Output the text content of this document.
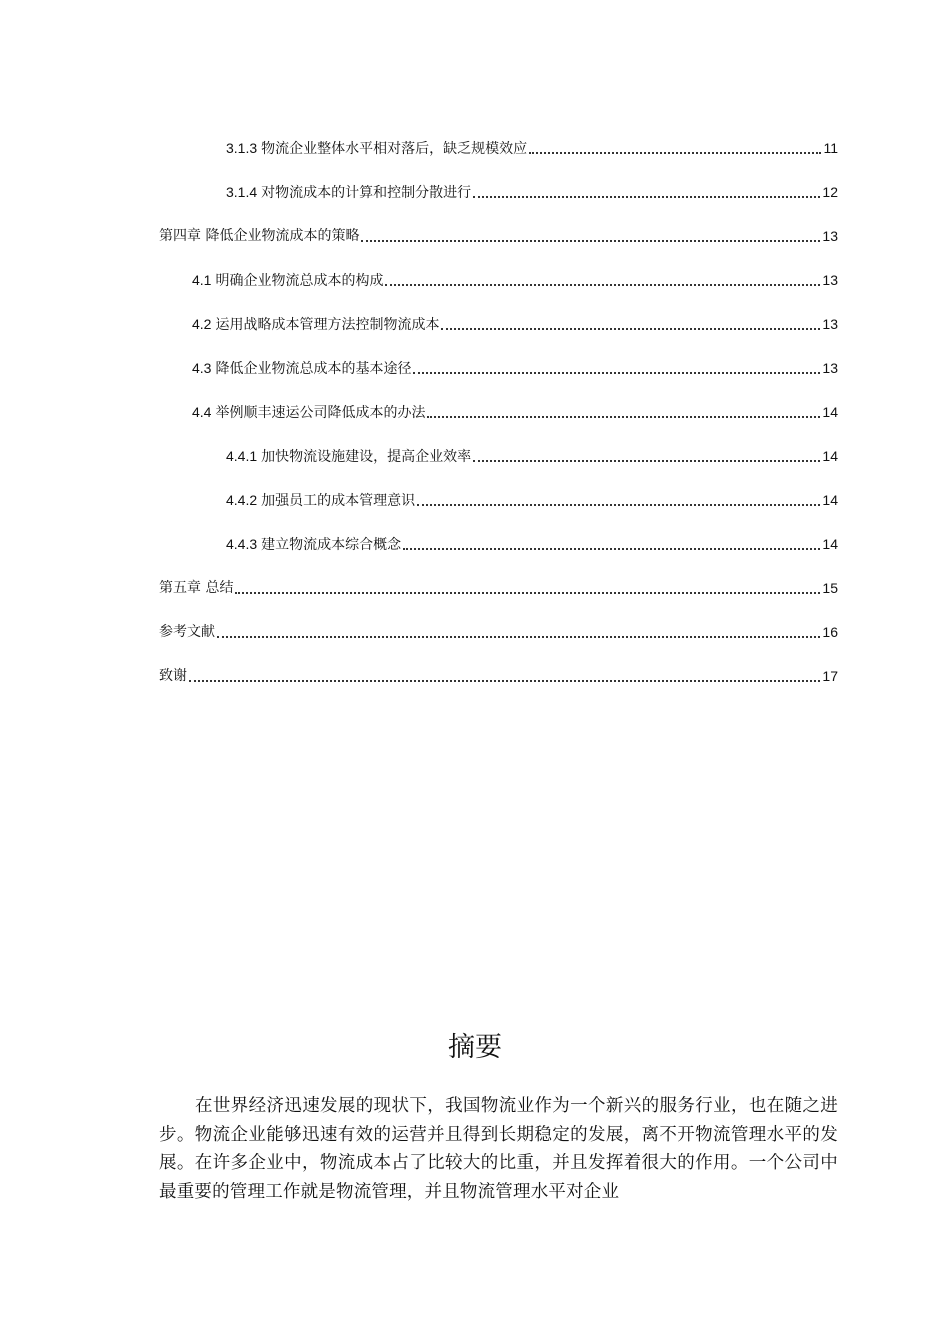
3.1.3 物流企业整体水平相对落后，缺乏规模效应	11
3.1.4 对物流成本的计算和控制分散进行	12
第四章 降低企业物流成本的策略	13
4.1 明确企业物流总成本的构成	13
4.2 运用战略成本管理方法控制物流成本	13
4.3 降低企业物流总成本的基本途径	13
4.4 举例顺丰速运公司降低成本的办法	14
4.4.1 加快物流设施建设，提高企业效率	14
4.4.2 加强员工的成本管理意识	14
4.4.3 建立物流成本综合概念	14
第五章 总结	15
参考文献	16
致谢	17
摘要

在世界经济迅速发展的现状下，我国物流业作为一个新兴的服务行业，也在随之进步。物流企业能够迅速有效的运营并且得到长期稳定的发展，离不开物流管理水平的发展。在许多企业中，物流成本占了比较大的比重，并且发挥着很大的作用。一个公司中最重要的管理工作就是物流管理，并且物流管理水平对企业
